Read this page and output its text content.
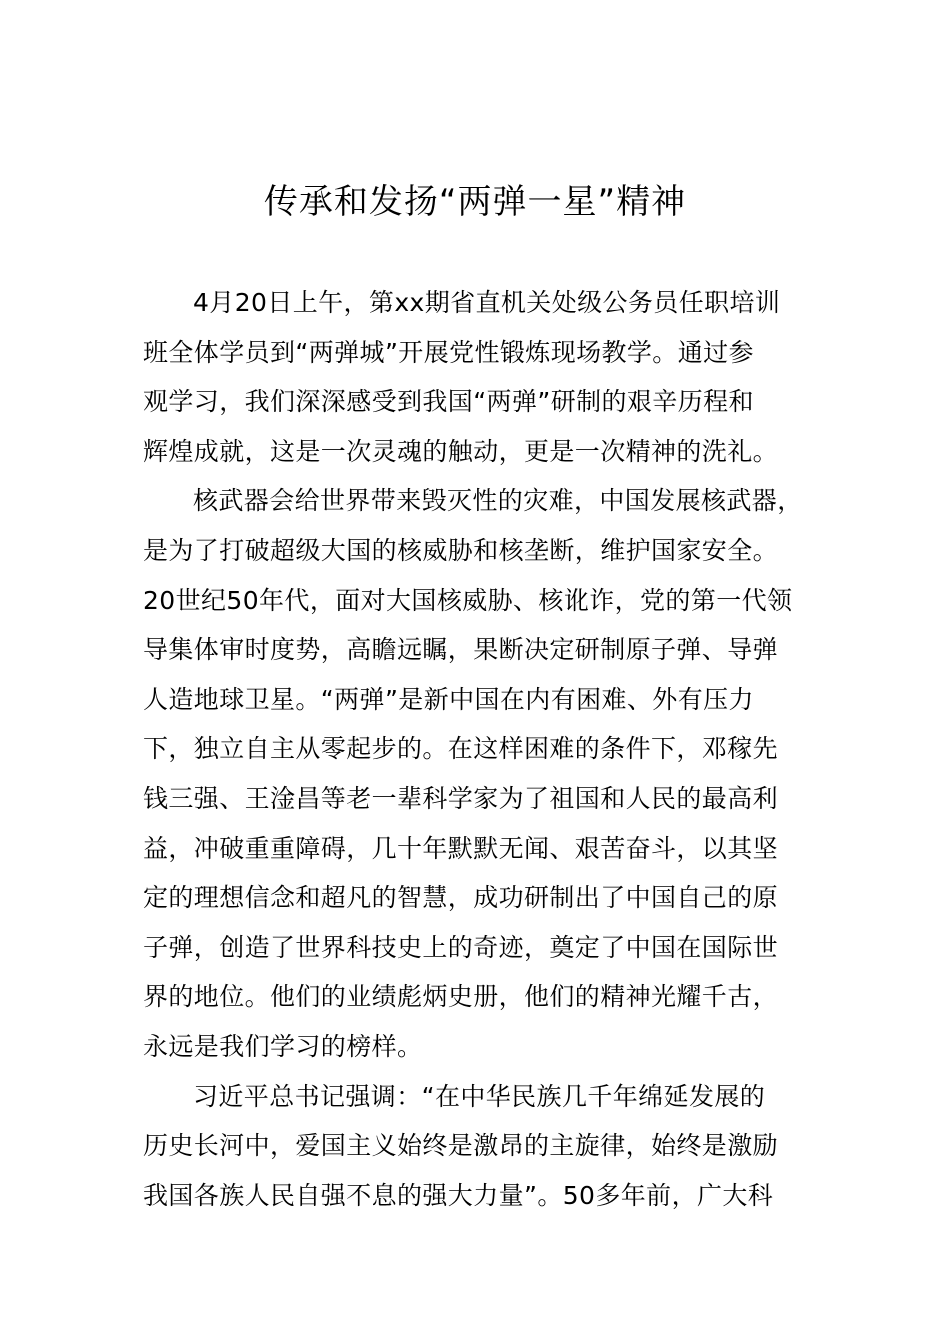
传承和发扬“两弹一星”精神
4月20日上午，第xx期省直机关处级公务员任职培训
班全体学员到“两弹城”开展党性锻炼现场教学。通过参
观学习，我们深深感受到我国“两弹”研制的艰辛历程和
辉煌成就，这是一次灵魂的触动，更是一次精神的洗礼。
核武器会给世界带来毁灭性的灾难，中国发展核武器，
是为了打破超级大国的核威胁和核垄断，维护国家安全。
20世纪50年代，面对大国核威胁、核讹诈，党的第一代领
导集体审时度势，高瞻远瞩，果断决定研制原子弹、导弹
人造地球卫星。“两弹”是新中国在内有困难、外有压力
下，独立自主从零起步的。在这样困难的条件下，邓稼先
钱三强、王淦昌等老一辈科学家为了祖国和人民的最高利
益，冲破重重障碍，几十年默默无闻、艰苦奋斗，以其坚
定的理想信念和超凡的智慧，成功研制出了中国自己的原
子弹，创造了世界科技史上的奇迹，奠定了中国在国际世
界的地位。他们的业绩彪炳史册，他们的精神光耀千古，
永远是我们学习的榜样。
习近平总书记强调：“在中华民族几千年绵延发展的
历史长河中，爱国主义始终是激昂的主旋律，始终是激励
我国各族人民自强不息的强大力量”。50多年前，广大科
